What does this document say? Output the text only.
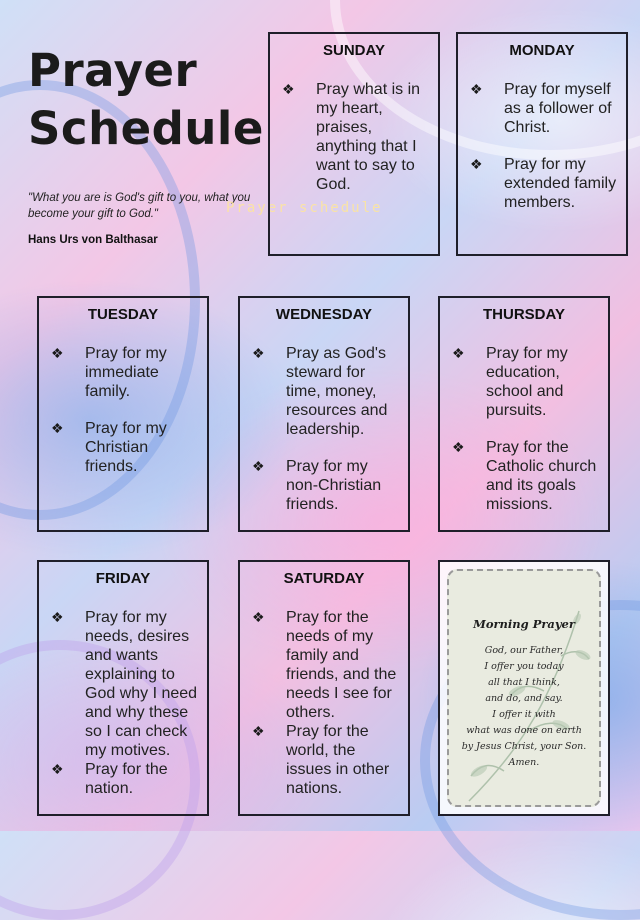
Prayer Schedule
"What you are is God's gift to you, what you become your gift to God."
Hans Urs von Balthasar
Prayer schedule
SUNDAY
❖ Pray what is in my heart, praises, anything that I want to say to God.
MONDAY
❖ Pray for myself as a follower of Christ.
❖ Pray for my extended family members.
TUESDAY
❖ Pray for my immediate family.
❖ Pray for my Christian friends.
WEDNESDAY
❖ Pray as God's steward for time, money, resources and leadership.
❖ Pray for my non-Christian friends.
THURSDAY
❖ Pray for my education, school and pursuits.
❖ Pray for the Catholic church and its goals missions.
FRIDAY
❖ Pray for my needs, desires and wants explaining to God why I need and why these so I can check my motives.
❖ Pray for the nation.
SATURDAY
❖ Pray for the needs of my family and friends, and the needs I see for others.
❖ Pray for the world, the issues in other nations.
Morning Prayer
God, our Father,
I offer you today
all that I think,
and do, and say.
I offer it with
what was done on earth
by Jesus Christ, your Son.
Amen.
